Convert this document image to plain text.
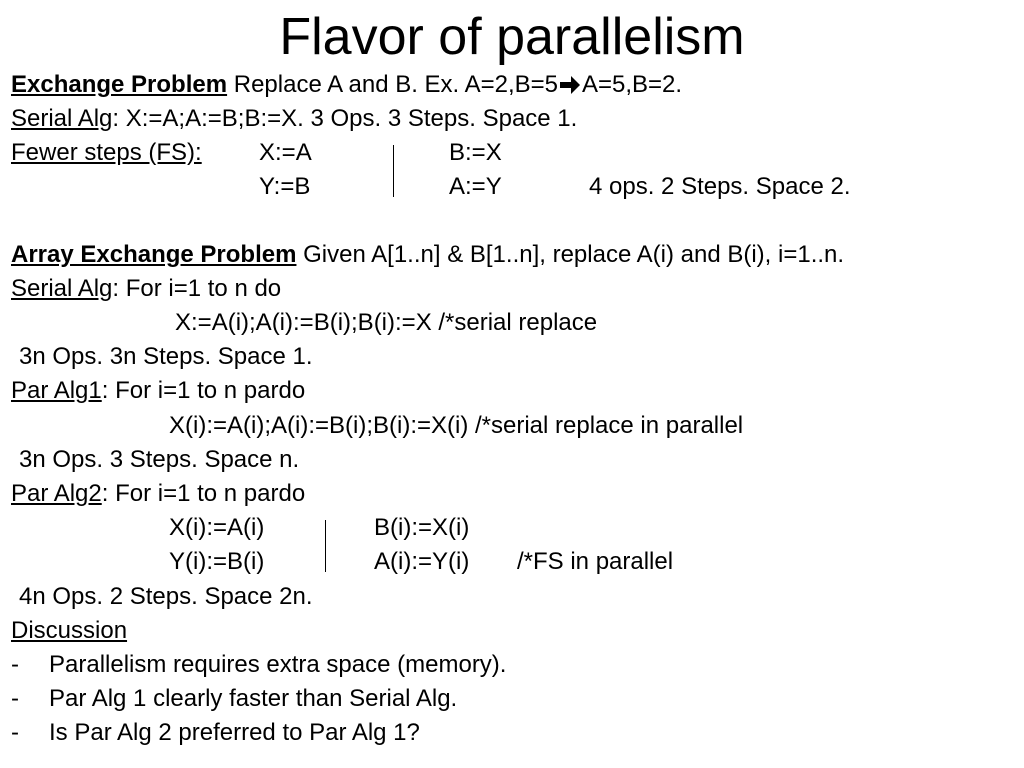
Flavor of parallelism
Exchange Problem Replace A and B. Ex. A=2,B=5 A=5,B=2.
Serial Alg: X:=A;A:=B;B:=X. 3 Ops. 3 Steps. Space 1.
Fewer steps (FS): X:=A	B:=X
Y:=B	A:=Y	4 ops. 2 Steps. Space 2.
Array Exchange Problem Given A[1..n] & B[1..n], replace A(i) and B(i), i=1..n.
Serial Alg: For i=1 to n do
X:=A(i);A(i):=B(i);B(i):=X /*serial replace
3n Ops. 3n Steps. Space 1.
Par Alg1: For i=1 to n pardo
X(i):=A(i);A(i):=B(i);B(i):=X(i) /*serial replace in parallel
3n Ops. 3 Steps. Space n.
Par Alg2: For i=1 to n pardo
X(i):=A(i)	B(i):=X(i)
Y(i):=B(i)	A(i):=Y(i) /*FS in parallel
4n Ops. 2 Steps. Space 2n.
Discussion
- Parallelism requires extra space (memory).
- Par Alg 1 clearly faster than Serial Alg.
- Is Par Alg 2 preferred to Par Alg 1?
